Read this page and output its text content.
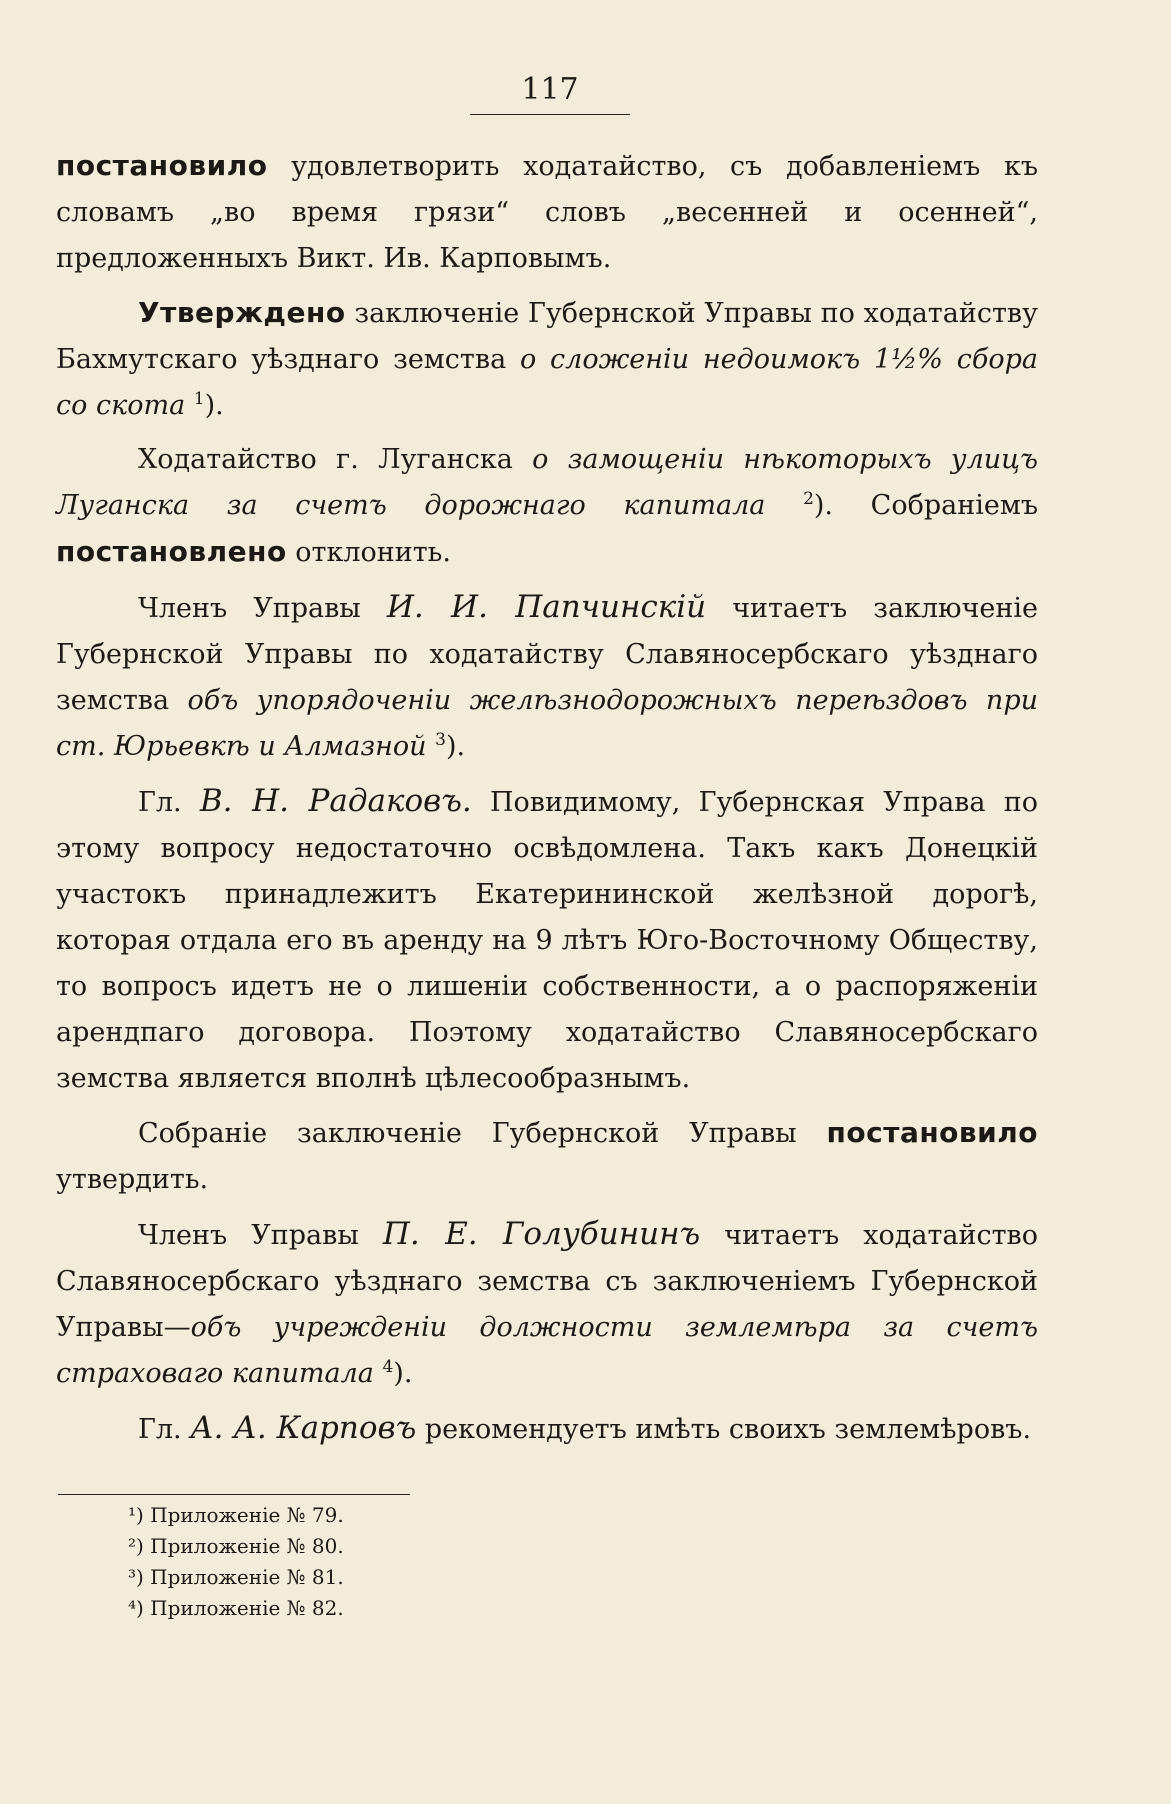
117

постановило удовлетворить ходатайство, съ добавленiемъ къ словамъ „во время грязи“ словъ „весенней и осенней“, предложенныхъ Викт. Ив. Карповымъ.

Утверждено заключенiе Губернской Управы по ходатайству Бахмутскаго уѣзднаго земства о сложенiи недоимокъ 1½% сбора со скота $^1$).

Ходатайство г. Луганска о замощенiи нѣкоторыхъ улицъ Луганска за счетъ дорожнаго капитала $^2$). Собранiемъ постановлено отклонить.

Членъ Управы И. И. Папчинскiй читаетъ заключенiе Губернской Управы по ходатайству Славяносербскаго уѣзднаго земства объ упорядоченiи желѣзнодорожныхъ переѣздовъ при ст. Юрьевкѣ и Алмазной $^3$).

Гл. В. Н. Радаковъ. Повидимому, Губернская Управа по этому вопросу недостаточно освѣдомлена. Такъ какъ Донецкiй участокъ принадлежитъ Екатерининской желѣзной дорогѣ, которая отдала его въ аренду на 9 лѣтъ Юго-Восточному Обществу, то вопросъ идетъ не о лишенiи собственности, а о распоряженiи арендпаго договора. Поэтому ходатайство Славяносербскаго земства является вполнѣ цѣлесообразнымъ.

Собранiе заключенiе Губернской Управы постановило утвердить.

Членъ Управы П. Е. Голубининъ читаетъ ходатайство Славяносербскаго уѣзднаго земства съ заключенiемъ Губернской Управы—объ учрежденiи должности землемѣра за счетъ страховаго капитала $^4$).

Гл. А. А. Карповъ рекомендуетъ имѣть своихъ землемѣровъ.

¹) Приложенiе № 79.
²) Приложенiе № 80.
³) Приложенiе № 81.
⁴) Приложенiе № 82.
